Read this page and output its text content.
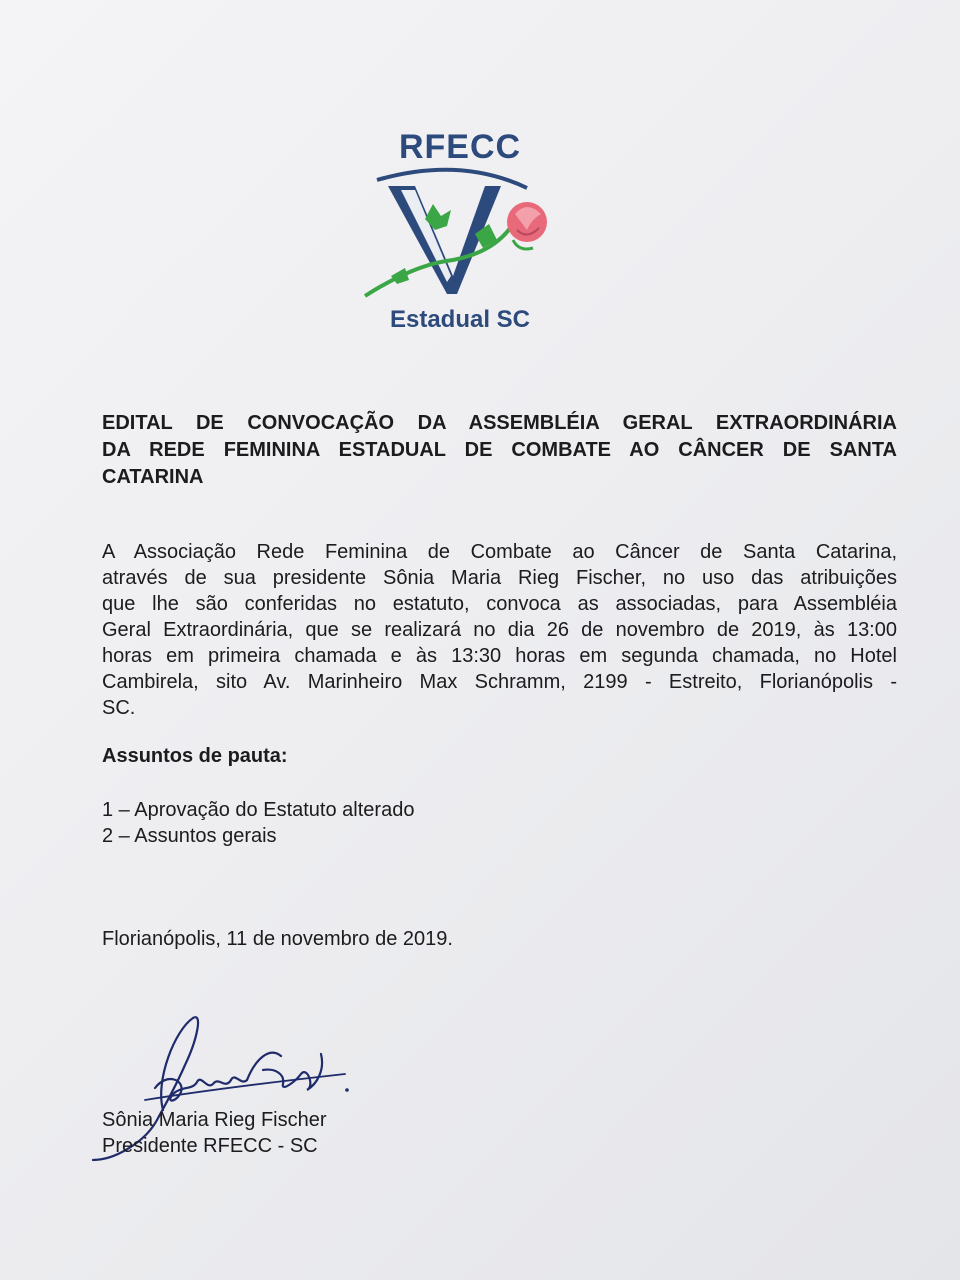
RFECC
Estadual SC
EDITAL DE CONVOCAÇÃO DA ASSEMBLÉIA GERAL EXTRAORDINÁRIA
DA REDE FEMININA ESTADUAL DE COMBATE AO CÂNCER DE SANTA
CATARINA
A Associação Rede Feminina de Combate ao Câncer de Santa Catarina,
através de sua presidente Sônia Maria Rieg Fischer, no uso das atribuições
que lhe são conferidas no estatuto, convoca as associadas, para Assembléia
Geral Extraordinária, que se realizará no dia 26 de novembro de 2019, às 13:00
horas em primeira chamada e às 13:30 horas em segunda chamada, no Hotel
Cambirela, sito Av. Marinheiro Max Schramm, 2199 - Estreito, Florianópolis -
SC.
Assuntos de pauta:
1 – Aprovação do Estatuto alterado
2 – Assuntos gerais
Florianópolis, 11 de novembro de 2019.
Sônia Maria Rieg Fischer
Presidente RFECC - SC
